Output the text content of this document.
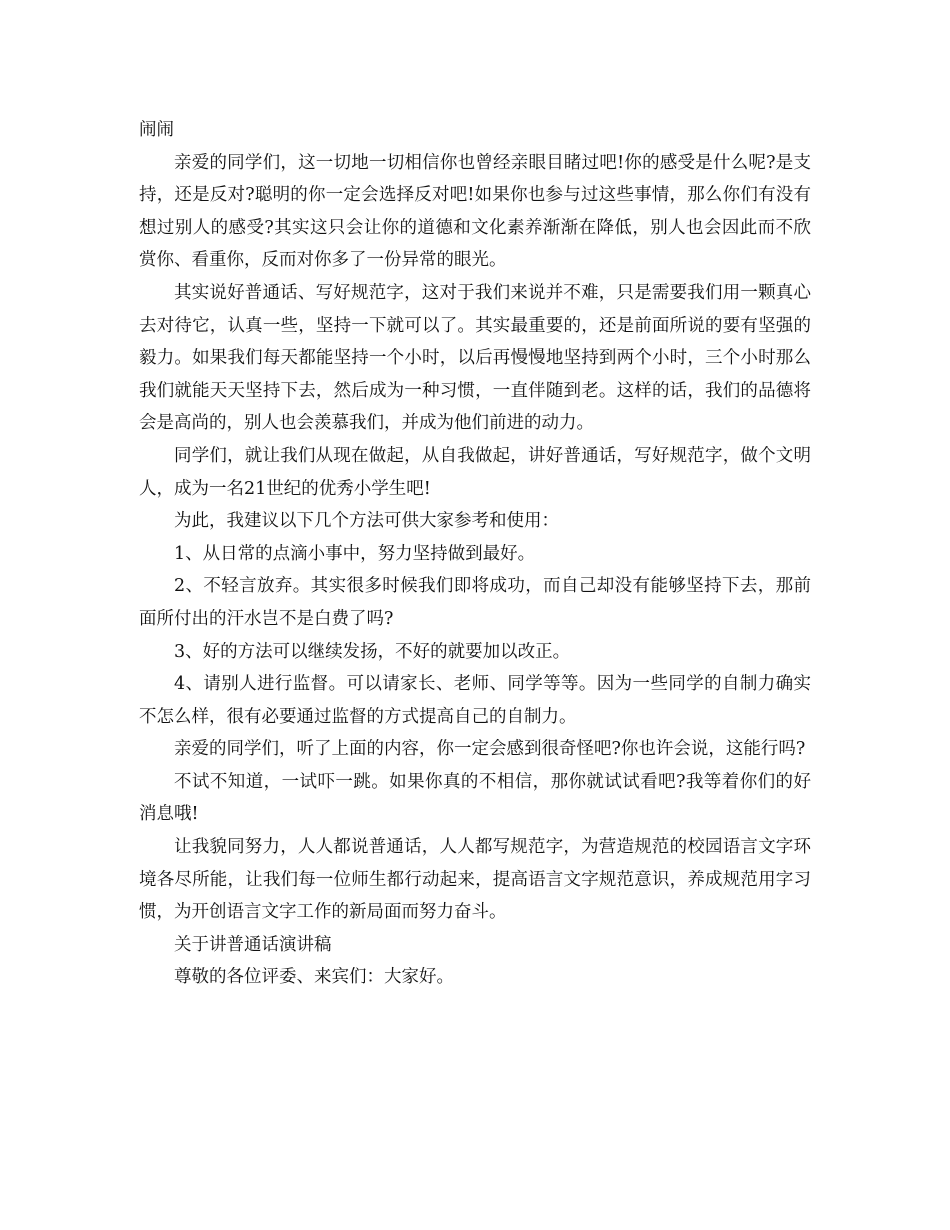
闹闹

亲爱的同学们，这一切地一切相信你也曾经亲眼目睹过吧!你的感受是什么呢?是支持，还是反对?聪明的你一定会选择反对吧!如果你也参与过这些事情，那么你们有没有想过别人的感受?其实这只会让你的道德和文化素养渐渐在降低，别人也会因此而不欣赏你、看重你，反而对你多了一份异常的眼光。

其实说好普通话、写好规范字，这对于我们来说并不难，只是需要我们用一颗真心去对待它，认真一些，坚持一下就可以了。其实最重要的，还是前面所说的要有坚强的毅力。如果我们每天都能坚持一个小时，以后再慢慢地坚持到两个小时，三个小时那么我们就能天天坚持下去，然后成为一种习惯，一直伴随到老。这样的话，我们的品德将会是高尚的，别人也会羡慕我们，并成为他们前进的动力。

同学们，就让我们从现在做起，从自我做起，讲好普通话，写好规范字，做个文明人，成为一名21世纪的优秀小学生吧!

为此，我建议以下几个方法可供大家参考和使用：

1、从日常的点滴小事中，努力坚持做到最好。

2、不轻言放弃。其实很多时候我们即将成功，而自己却没有能够坚持下去，那前面所付出的汗水岂不是白费了吗?

3、好的方法可以继续发扬，不好的就要加以改正。

4、请别人进行监督。可以请家长、老师、同学等等。因为一些同学的自制力确实不怎么样，很有必要通过监督的方式提高自己的自制力。

亲爱的同学们，听了上面的内容，你一定会感到很奇怪吧?你也许会说，这能行吗?

不试不知道，一试吓一跳。如果你真的不相信，那你就试试看吧?我等着你们的好消息哦!

让我貌同努力，人人都说普通话，人人都写规范字，为营造规范的校园语言文字环境各尽所能，让我们每一位师生都行动起来，提高语言文字规范意识，养成规范用字习惯，为开创语言文字工作的新局面而努力奋斗。

关于讲普通话演讲稿

尊敬的各位评委、来宾们：大家好。
